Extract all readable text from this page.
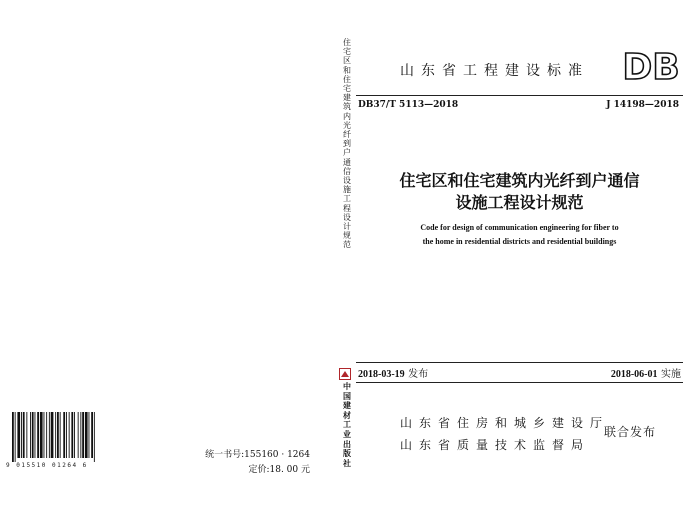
9 015510 01264 6
统一书号:155160 · 1264
定价:18. 00 元
住宅区和住宅建筑内光纤到户通信设施工程设计规范
中国建材工业出版社
山东省工程建设标准 DB
DB37/T 5113—2018	J 14198—2018
住宅区和住宅建筑内光纤到户通信
设施工程设计规范
Code for design of communication engineering for fiber to
the home in residential districts and residential buildings
2018-03-19 发布	2018-06-01 实施
山东省住房和城乡建设厅
山东省质量技术监督局
联合发布
